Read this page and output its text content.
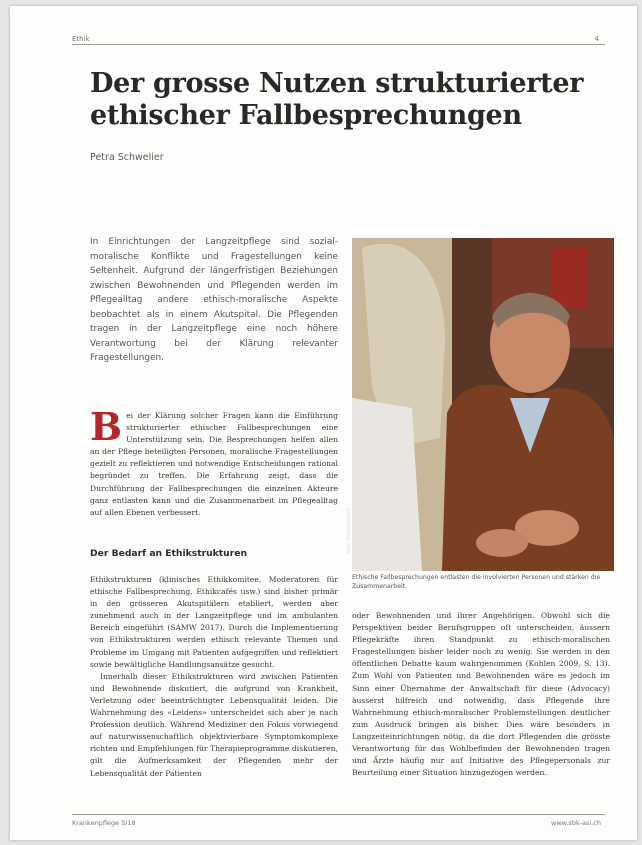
Ethik	4
Der grosse Nutzen strukturierter ethischer Fallbesprechungen
Petra Schwelier

In Einrichtungen der Langzeitpflege sind sozial-moralische Konflikte und Fragestellungen keine Seltenheit. Aufgrund der längerfristigen Beziehungen zwischen Bewohnenden und Pflegenden werden im Pflegealltag andere ethisch-moralische Aspekte beobachtet als in einem Akutspital. Die Pflegenden tragen in der Langzeitpflege eine noch höhere Verantwortung bei der Klärung relevanter Fragestellungen.

Bei der Klärung solcher Fragen kann die Einführung strukturierter ethischer Fallbesprechungen eine Unterstützung sein. Die Besprechungen helfen allen an der Pflege beteiligten Personen, moralische Fragestellungen gezielt zu reflektieren und notwendige Entscheidungen rational begründet zu treffen. Die Erfahrung zeigt, dass die Durchführung der Fallbesprechungen die einzelnen Akteure ganz entlasten kann und die Zusammenarbeit im Pflegealltag auf allen Ebenen verbessert.

Der Bedarf an Ethikstrukturen

Ethikstrukturen (klinisches Ethikkomitee, Moderatoren für ethische Fallbesprechung, Ethikcafés usw.) sind bisher primär in den grösseren Akutspitälern etabliert, werden aber zunehmend auch in der Langzeitpflege und im ambulanten Bereich eingeführt (SAMW 2017). Durch die Implementierung von Ethikstrukturen werden ethisch relevante Themen und Probleme im Umgang mit Patienten aufgegriffen und reflektiert sowie bewältigliche Handlungsansätze gesucht.

Innerhalb dieser Ethikstrukturen wird zwischen Patienten und Bewohnende diskutiert, die aufgrund von Krankheit, Verletzung oder beeinträchtigter Lebensqualität leiden. Die Wahrnehmung des «Leidens» unterscheidet sich aber je nach Profession deutlich. Während Mediziner den Fokus vorwiegend auf naturwissenschaftlich objektivierbare Symptomkomplexe richten und Empfehlungen für Therapieprogramme diskutieren, gilt die Aufmerksamkeit der Pflegenden mehr der Lebensqualität der Patienten

Foto: Shutterstock

Ethische Fallbesprechungen entlasten die involvierten Personen und stärken die Zusammenarbeit.

oder Bewohnenden und ihrer Angehörigen. Obwohl sich die Perspektiven beider Berufsgruppen oft unterscheiden, äussern Pflegekräfte ihren Standpunkt zu ethisch-moralischen Fragestellungen bisher leider noch zu wenig. Sie werden in den öffentlichen Debatte kaum wahrgenommen (Kohlen 2009, S. 13). Zum Wohl von Patienten und Bewohnenden wäre es jedoch im Sinn einer Übernahme der Anwaltschaft für diese (Advocacy) äusserst hilfreich und notwendig, dass Pflegende ihre Wahrnehmung ethisch-moralischer Problemstellungen deutlicher zum Ausdruck bringen als bisher. Dies wäre besonders in Langzeiteinrichtungen nötig, da die dort Pflegenden die grösste Verantwortung für das Wohlbefinden der Bewohnenden tragen und Ärzte häufig nur auf Initiative des Pflegepersonals zur Beurteilung einer Situation hinzugezogen werden.
Krankenpflege 5/18	www.sbk-asi.ch
